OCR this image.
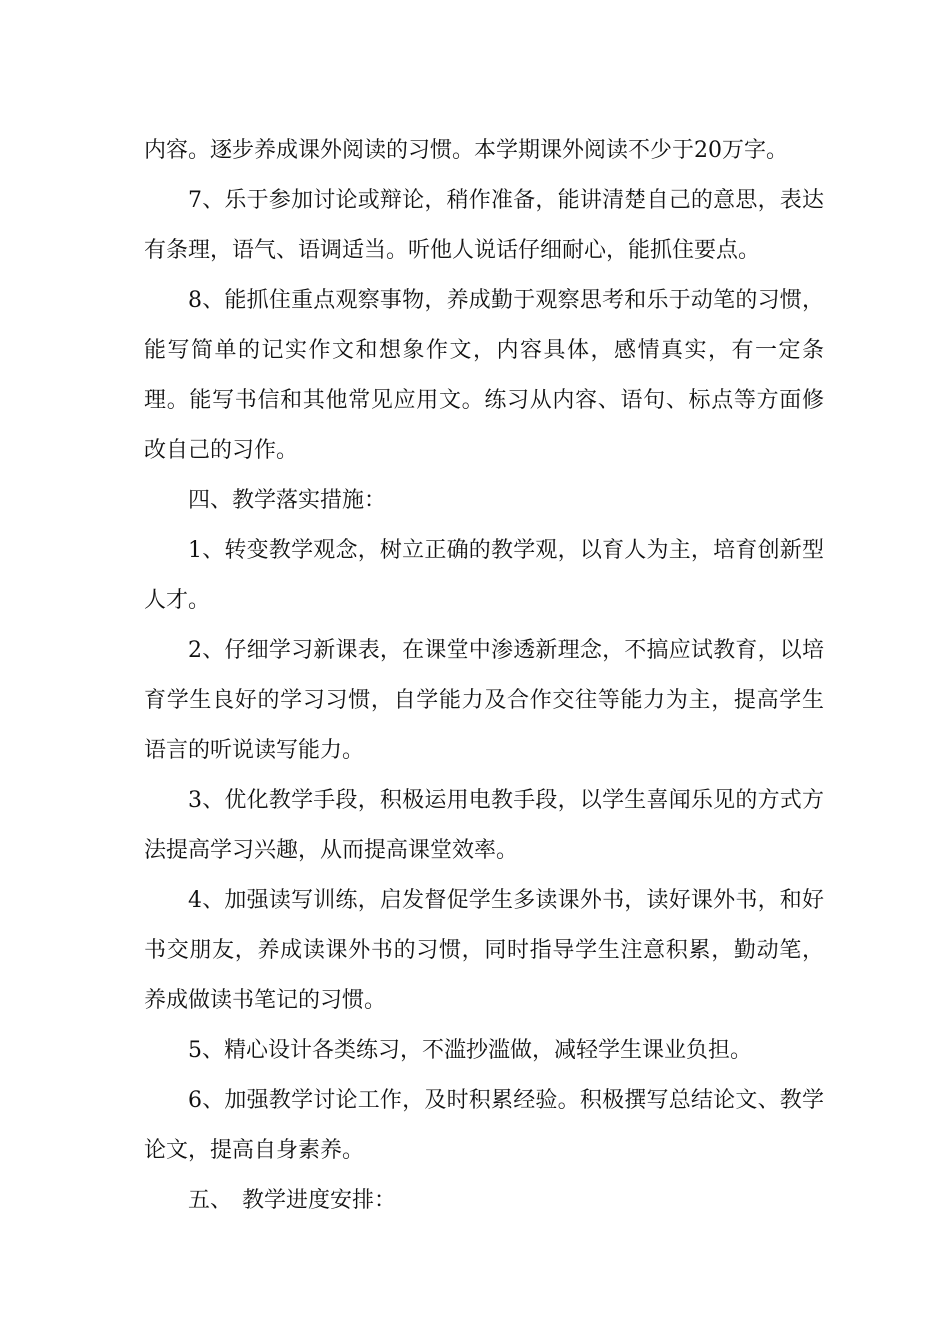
内容。逐步养成课外阅读的习惯。本学期课外阅读不少于20万字。

7、乐于参加讨论或辩论，稍作准备，能讲清楚自己的意思，表达有条理，语气、语调适当。听他人说话仔细耐心，能抓住要点。

8、能抓住重点观察事物，养成勤于观察思考和乐于动笔的习惯，能写简单的记实作文和想象作文，内容具体，感情真实，有一定条理。能写书信和其他常见应用文。练习从内容、语句、标点等方面修改自己的习作。

四、教学落实措施：

1、转变教学观念，树立正确的教学观，以育人为主，培育创新型人才。

2、仔细学习新课表，在课堂中渗透新理念，不搞应试教育，以培育学生良好的学习习惯，自学能力及合作交往等能力为主，提高学生语言的听说读写能力。

3、优化教学手段，积极运用电教手段，以学生喜闻乐见的方式方法提高学习兴趣，从而提高课堂效率。

4、加强读写训练，启发督促学生多读课外书，读好课外书，和好书交朋友，养成读课外书的习惯，同时指导学生注意积累，勤动笔，养成做读书笔记的习惯。

5、精心设计各类练习，不滥抄滥做，减轻学生课业负担。

6、加强教学讨论工作，及时积累经验。积极撰写总结论文、教学论文，提高自身素养。

五、 教学进度安排：
